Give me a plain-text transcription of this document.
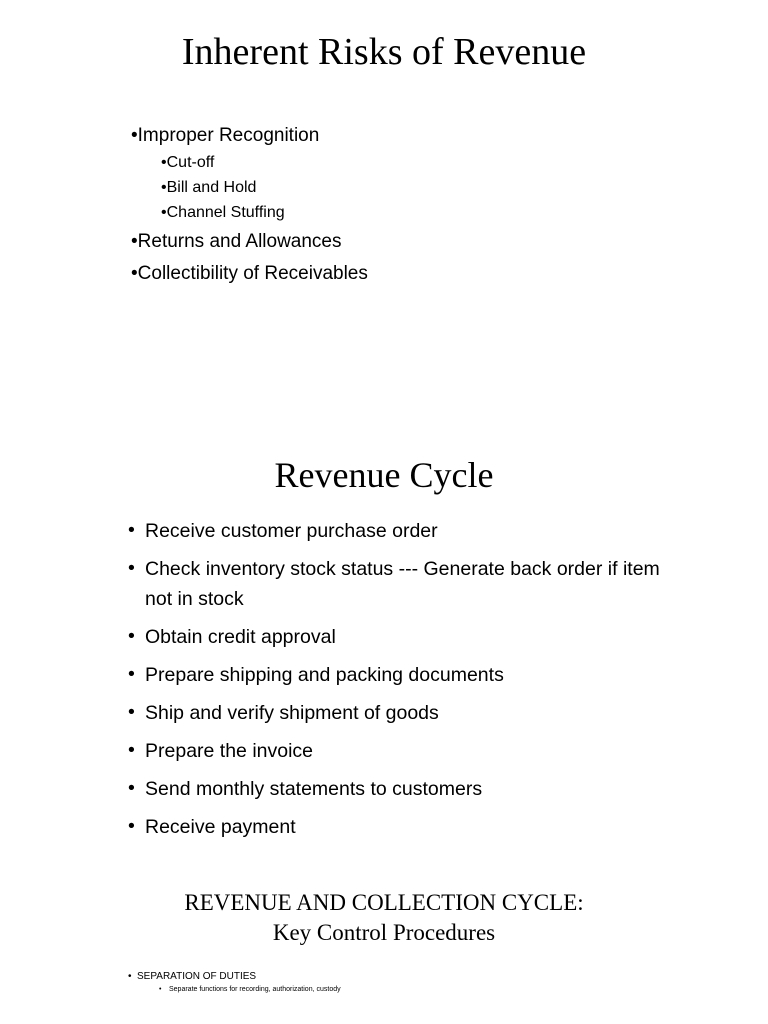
Inherent Risks of Revenue
• Improper Recognition
• Cut-off
• Bill and Hold
• Channel Stuffing
• Returns and Allowances
• Collectibility of Receivables
Revenue Cycle
• Receive customer purchase order
• Check inventory stock status --- Generate back order if item not in stock
• Obtain credit approval
• Prepare shipping and packing documents
• Ship and verify shipment of goods
• Prepare the invoice
• Send monthly statements to customers
• Receive payment
REVENUE AND COLLECTION CYCLE:
Key Control Procedures
• SEPARATION OF DUTIES
• Separate functions for recording, authorization, custody
